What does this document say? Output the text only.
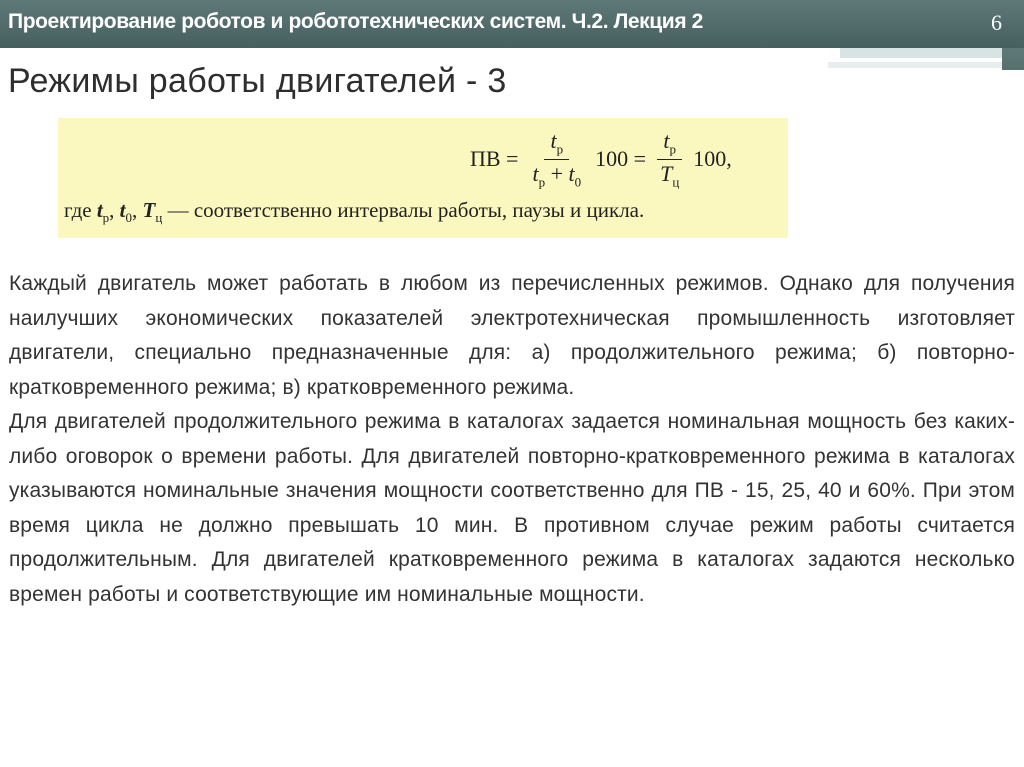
Проектирование роботов и робототехнических систем. Ч.2. Лекция 2	6
Режимы работы двигателей - 3
ПВ = $\frac{t_р}{t_р + t_0} 100 = \frac{t_р}{T_ц} 100$,
где $t_р$, $t_0$, $T_ц$ — соответственно интервалы работы, паузы и цикла.

Каждый двигатель может работать в любом из перечисленных режимов. Однако для получения наилучших экономических показателей электротехническая промышленность изготовляет двигатели, специально предназначенные для: а) продолжительного режима; б) повторно-кратковременного режима; в) кратковременного режима.

Для двигателей продолжительного режима в каталогах задается номинальная мощность без каких-либо оговорок о времени работы. Для двигателей повторно-кратковременного режима в каталогах указываются номинальные значения мощности соответственно для ПВ - 15, 25, 40 и 60%. При этом время цикла не должно превышать 10 мин. В противном случае режим работы считается продолжительным. Для двигателей кратковременного режима в каталогах задаются несколько времен работы и соответствующие им номинальные мощности.
